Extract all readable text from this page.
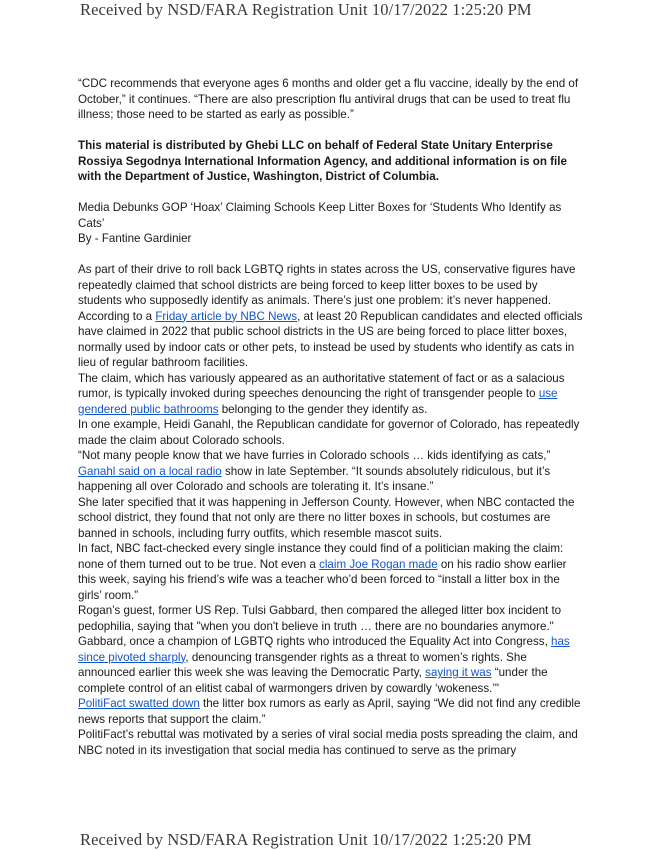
Received by NSD/FARA Registration Unit 10/17/2022 1:25:20 PM

“CDC recommends that everyone ages 6 months and older get a flu vaccine, ideally by the end of October,” it continues. “There are also prescription flu antiviral drugs that can be used to treat flu illness; those need to be started as early as possible.”

This material is distributed by Ghebi LLC on behalf of Federal State Unitary Enterprise Rossiya Segodnya International Information Agency, and additional information is on file with the Department of Justice, Washington, District of Columbia.

Media Debunks GOP ‘Hoax’ Claiming Schools Keep Litter Boxes for ‘Students Who Identify as Cats’

By - Fantine Gardinier

As part of their drive to roll back LGBTQ rights in states across the US, conservative figures have repeatedly claimed that school districts are being forced to keep litter boxes to be used by students who supposedly identify as animals. There’s just one problem: it’s never happened.

According to a Friday article by NBC News, at least 20 Republican candidates and elected officials have claimed in 2022 that public school districts in the US are being forced to place litter boxes, normally used by indoor cats or other pets, to instead be used by students who identify as cats in lieu of regular bathroom facilities.

The claim, which has variously appeared as an authoritative statement of fact or as a salacious rumor, is typically invoked during speeches denouncing the right of transgender people to use gendered public bathrooms belonging to the gender they identify as.

In one example, Heidi Ganahl, the Republican candidate for governor of Colorado, has repeatedly made the claim about Colorado schools.

“Not many people know that we have furries in Colorado schools … kids identifying as cats,” Ganahl said on a local radio show in late September. “It sounds absolutely ridiculous, but it’s happening all over Colorado and schools are tolerating it. It’s insane.”

She later specified that it was happening in Jefferson County. However, when NBC contacted the school district, they found that not only are there no litter boxes in schools, but costumes are banned in schools, including furry outfits, which resemble mascot suits.

In fact, NBC fact-checked every single instance they could find of a politician making the claim: none of them turned out to be true. Not even a claim Joe Rogan made on his radio show earlier this week, saying his friend’s wife was a teacher who’d been forced to “install a litter box in the girls’ room.”

Rogan’s guest, former US Rep. Tulsi Gabbard, then compared the alleged litter box incident to pedophilia, saying that "when you don't believe in truth … there are no boundaries anymore."

Gabbard, once a champion of LGBTQ rights who introduced the Equality Act into Congress, has since pivoted sharply, denouncing transgender rights as a threat to women’s rights. She announced earlier this week she was leaving the Democratic Party, saying it was “under the complete control of an elitist cabal of warmongers driven by cowardly ‘wokeness.’"

PolitiFact swatted down the litter box rumors as early as April, saying “We did not find any credible news reports that support the claim.”

PolitiFact’s rebuttal was motivated by a series of viral social media posts spreading the claim, and NBC noted in its investigation that social media has continued to serve as the primary

Received by NSD/FARA Registration Unit 10/17/2022 1:25:20 PM
